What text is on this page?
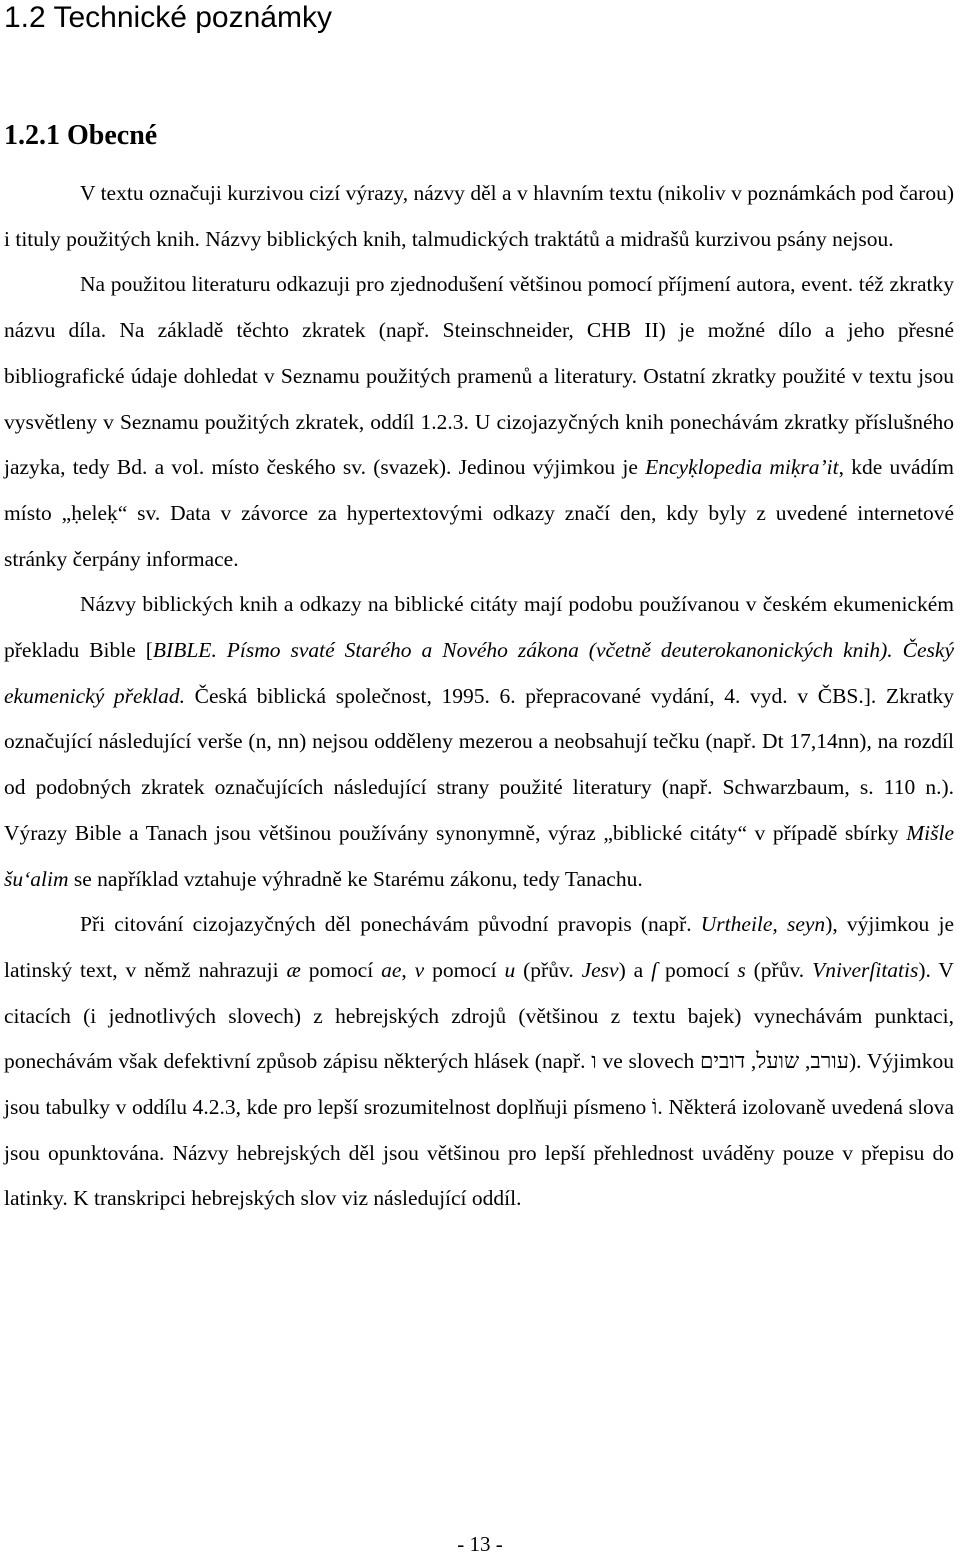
1.2 Technické poznámky
1.2.1 Obecné

V textu označuji kurzivou cizí výrazy, názvy děl a v hlavním textu (nikoliv v poznámkách pod čarou) i tituly použitých knih. Názvy biblických knih, talmudických traktátů a midrašů kurzivou psány nejsou.

Na použitou literaturu odkazuji pro zjednodušení většinou pomocí příjmení autora, event. též zkratky názvu díla. Na základě těchto zkratek (např. Steinschneider, CHB II) je možné dílo a jeho přesné bibliografické údaje dohledat v Seznamu použitých pramenů a literatury. Ostatní zkratky použité v textu jsou vysvětleny v Seznamu použitých zkratek, oddíl 1.2.3. U cizojazyčných knih ponechávám zkratky příslušného jazyka, tedy Bd. a vol. místo českého sv. (svazek). Jedinou výjimkou je Encyḳlopedia miḳra’it, kde uvádím místo „ḥeleḳ“ sv. Data v závorce za hypertextovými odkazy značí den, kdy byly z uvedené internetové stránky čerpány informace.

Názvy biblických knih a odkazy na biblické citáty mají podobu používanou v českém ekumenickém překladu Bible [BIBLE. Písmo svaté Starého a Nového zákona (včetně deuterokanonických knih). Český ekumenický překlad. Česká biblická společnost, 1995. 6. přepracované vydání, 4. vyd. v ČBS.]. Zkratky označující následující verše (n, nn) nejsou odděleny mezerou a neobsahují tečku (např. Dt 17,14nn), na rozdíl od podobných zkratek označujících následující strany použité literatury (např. Schwarzbaum, s. 110 n.). Výrazy Bible a Tanach jsou většinou používány synonymně, výraz „biblické citáty“ v případě sbírky Mišle šu‘alim se například vztahuje výhradně ke Starému zákonu, tedy Tanachu.

Při citování cizojazyčných děl ponechávám původní pravopis (např. Urtheile, seyn), výjimkou je latinský text, v němž nahrazuji æ pomocí ae, v pomocí u (přův. Jesv) a ſ pomocí s (přův. Vniverſitatis). V citacích (i jednotlivých slovech) z hebrejských zdrojů (většinou z textu bajek) vynechávám punktaci, ponechávám však defektivní způsob zápisu některých hlásek (např. ו ve slovech עורב, שועל, דובים). Výjimkou jsou tabulky v oddílu 4.2.3, kde pro lepší srozumitelnost doplňuji písmeno וֹ. Některá izolovaně uvedená slova jsou opunktována. Názvy hebrejských děl jsou většinou pro lepší přehlednost uváděny pouze v přepisu do latinky. K transkripci hebrejských slov viz následující oddíl.

- 13 -
